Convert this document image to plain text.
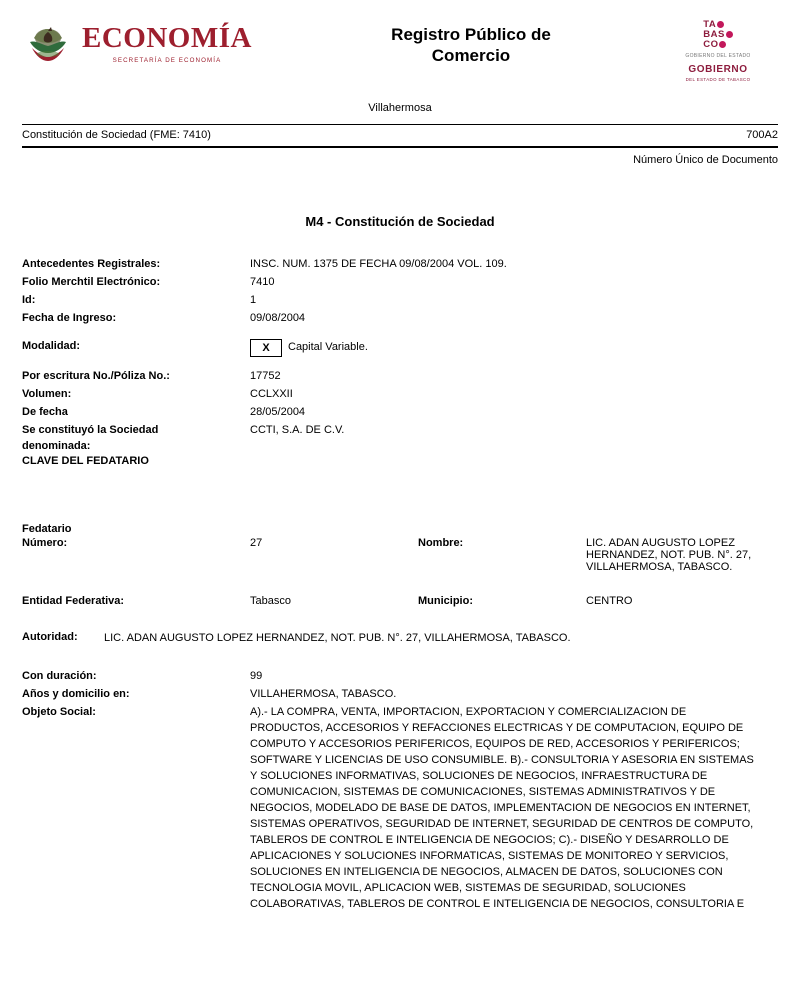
ECONOMÍA
SECRETARÍA DE ECONOMÍA
Registro Público de
Comercio
TA
BAS
CO
GOBIERNO DEL ESTADO
GOBIERNO
DEL ESTADO DE TABASCO
Villahermosa
Constitución de Sociedad (FME: 7410)	700A2
Número Único de Documento
M4 - Constitución de Sociedad
Antecedentes Registrales:	INSC. NUM. 1375 DE FECHA 09/08/2004 VOL. 109.
Folio Merchtil Electrónico:	7410
Id:	1
Fecha de Ingreso:	09/08/2004
Modalidad:	X	Capital Variable.
Por escritura No./Póliza No.:	17752
Volumen:	CCLXXII
De fecha	28/05/2004
Se constituyó la Sociedad
denominada:
CCTI, S.A. DE C.V.
CLAVE DEL FEDATARIO
Fedatario
Número:	27	Nombre:	LIC. ADAN AUGUSTO LOPEZ HERNANDEZ, NOT. PUB. N°. 27, VILLAHERMOSA, TABASCO.
Entidad Federativa:	Tabasco	Municipio:	CENTRO
Autoridad:	LIC. ADAN AUGUSTO LOPEZ HERNANDEZ, NOT. PUB. N°. 27, VILLAHERMOSA, TABASCO.
Con duración:	99
Años y domicilio en:	VILLAHERMOSA, TABASCO.
Objeto Social:	A).- LA COMPRA, VENTA, IMPORTACION, EXPORTACION Y COMERCIALIZACION DE PRODUCTOS, ACCESORIOS Y REFACCIONES ELECTRICAS Y DE COMPUTACION, EQUIPO DE COMPUTO Y ACCESORIOS PERIFERICOS, EQUIPOS DE RED, ACCESORIOS Y PERIFERICOS; SOFTWARE Y LICENCIAS DE USO CONSUMIBLE. B).- CONSULTORIA Y ASESORIA EN SISTEMAS Y SOLUCIONES INFORMATIVAS, SOLUCIONES DE NEGOCIOS, INFRAESTRUCTURA DE COMUNICACION, SISTEMAS DE COMUNICACIONES, SISTEMAS ADMINISTRATIVOS Y DE NEGOCIOS, MODELADO DE BASE DE DATOS, IMPLEMENTACION DE NEGOCIOS EN INTERNET, SISTEMAS OPERATIVOS, SEGURIDAD DE INTERNET, SEGURIDAD DE CENTROS DE COMPUTO, TABLEROS DE CONTROL E INTELIGENCIA DE NEGOCIOS; C).- DISEÑO Y DESARROLLO DE APLICACIONES Y SOLUCIONES INFORMATICAS, SISTEMAS DE MONITOREO Y SERVICIOS, SOLUCIONES EN INTELIGENCIA DE NEGOCIOS, ALMACEN DE DATOS, SOLUCIONES CON TECNOLOGIA MOVIL, APLICACION WEB, SISTEMAS DE SEGURIDAD, SOLUCIONES COLABORATIVAS, TABLEROS DE CONTROL E INTELIGENCIA DE NEGOCIOS, CONSULTORIA E
